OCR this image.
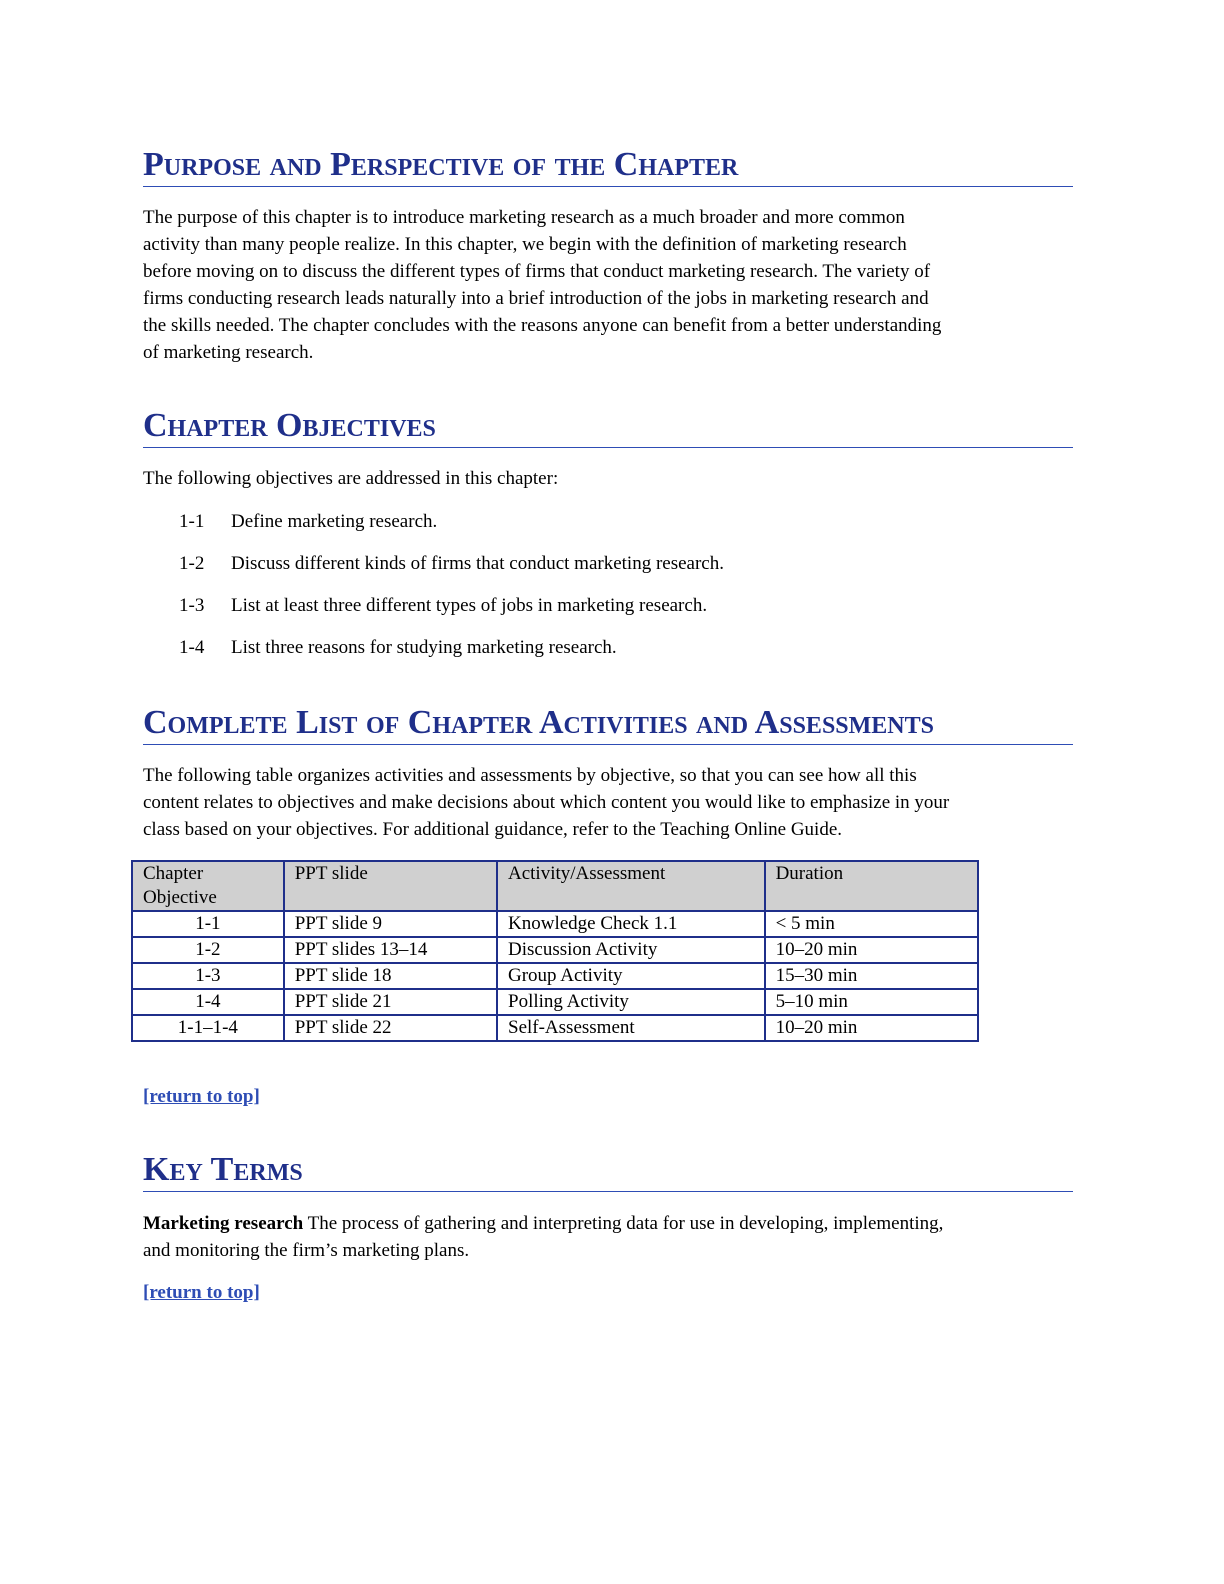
Purpose and Perspective of the Chapter

The purpose of this chapter is to introduce marketing research as a much broader and more common

activity than many people realize. In this chapter, we begin with the definition of marketing research

before moving on to discuss the different types of firms that conduct marketing research. The variety of

firms conducting research leads naturally into a brief introduction of the jobs in marketing research and

the skills needed. The chapter concludes with the reasons anyone can benefit from a better understanding

of marketing research.

Chapter Objectives

The following objectives are addressed in this chapter:

1-1 Define marketing research.
1-2 Discuss different kinds of firms that conduct marketing research.
1-3 List at least three different types of jobs in marketing research.
1-4 List three reasons for studying marketing research.
Complete List of Chapter Activities and Assessments

The following table organizes activities and assessments by objective, so that you can see how all this

content relates to objectives and make decisions about which content you would like to emphasize in your

class based on your objectives. For additional guidance, refer to the Teaching Online Guide.

Chapter Objective	PPT slide	Activity/Assessment	Duration
1-1	PPT slide 9	Knowledge Check 1.1	< 5 min
1-2	PPT slides 13–14	Discussion Activity	10–20 min
1-3	PPT slide 18	Group Activity	15–30 min
1-4	PPT slide 21	Polling Activity	5–10 min
1-1–1-4	PPT slide 22	Self-Assessment	10–20 min
[return to top]
Key Terms

Marketing research The process of gathering and interpreting data for use in developing, implementing,

and monitoring the firm’s marketing plans.

[return to top]
